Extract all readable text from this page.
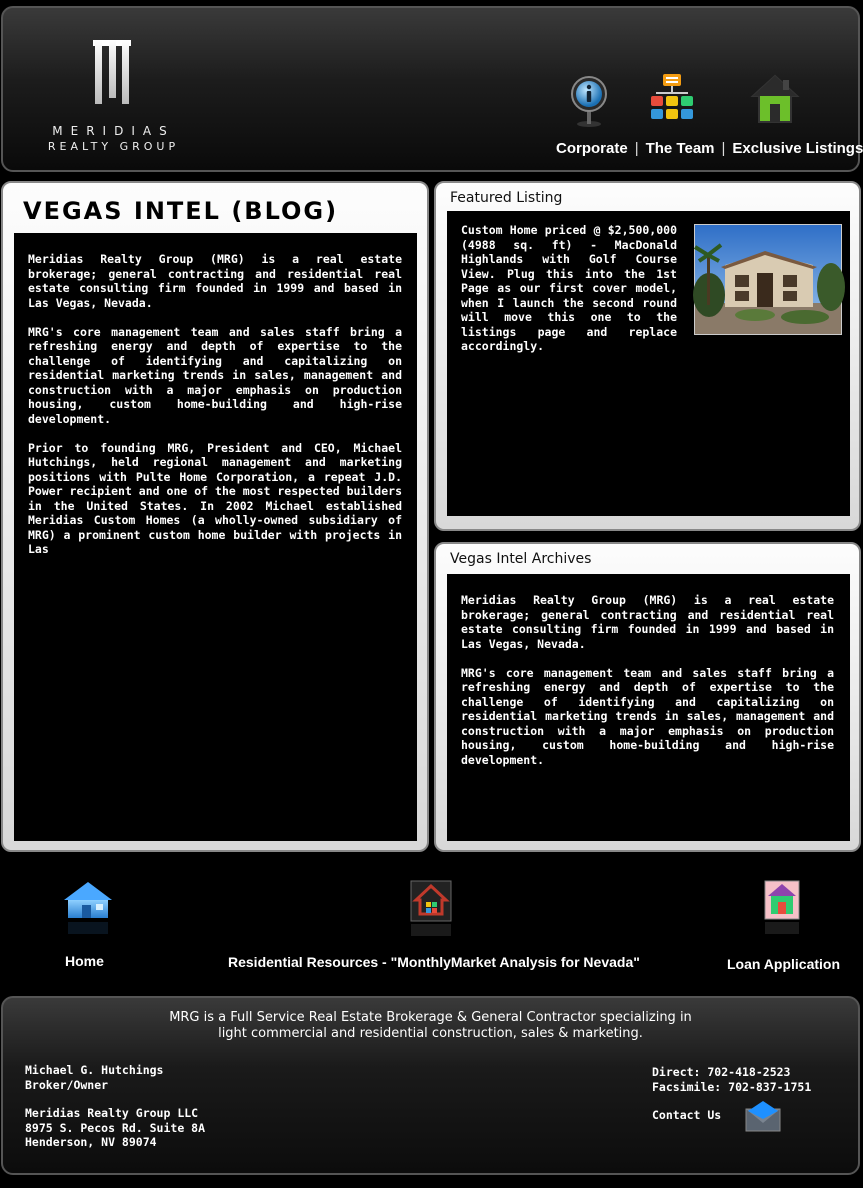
MERIDIAS
REALTY GROUP	Corporate | The Team | Exclusive Listings
VEGAS INTEL (BLOG)

Meridias Realty Group (MRG) is a real estate brokerage; general contracting and residential real estate consulting firm founded in 1999 and based in Las Vegas, Nevada.

MRG's core management team and sales staff bring a refreshing energy and depth of expertise to the challenge of identifying and capitalizing on residential marketing trends in sales, management and construction with a major emphasis on production housing, custom home-building and high-rise development.

Prior to founding MRG, President and CEO, Michael Hutchings, held regional management and marketing positions with Pulte Home Corporation, a repeat J.D. Power recipient and one of the most respected builders in the United States. In 2002 Michael established Meridias Custom Homes (a wholly-owned subsidiary of MRG) a prominent custom home builder with projects in Las

Featured Listing
Custom Home priced @ $2,500,000 (4988 sq. ft) - MacDonald Highlands with Golf Course View. Plug this into the 1st Page as our first cover model, when I launch the second round will move this one to the listings page and replace accordingly.
Vegas Intel Archives

Meridias Realty Group (MRG) is a real estate brokerage; general contracting and residential real estate consulting firm founded in 1999 and based in Las Vegas, Nevada.

MRG's core management team and sales staff bring a refreshing energy and depth of expertise to the challenge of identifying and capitalizing on residential marketing trends in sales, management and construction with a major emphasis on production housing, custom home-building and high-rise development.

Home	Residential Resources - "MonthlyMarket Analysis for Nevada"	Loan Application
MRG is a Full Service Real Estate Brokerage & General Contractor specializing in
light commercial and residential construction, sales & marketing.
Michael G. Hutchings
Broker/Owner
Meridias Realty Group LLC
8975 S. Pecos Rd. Suite 8A
Henderson, NV 89074
Direct: 702-418-2523
Facsimile: 702-837-1751
Contact Us
